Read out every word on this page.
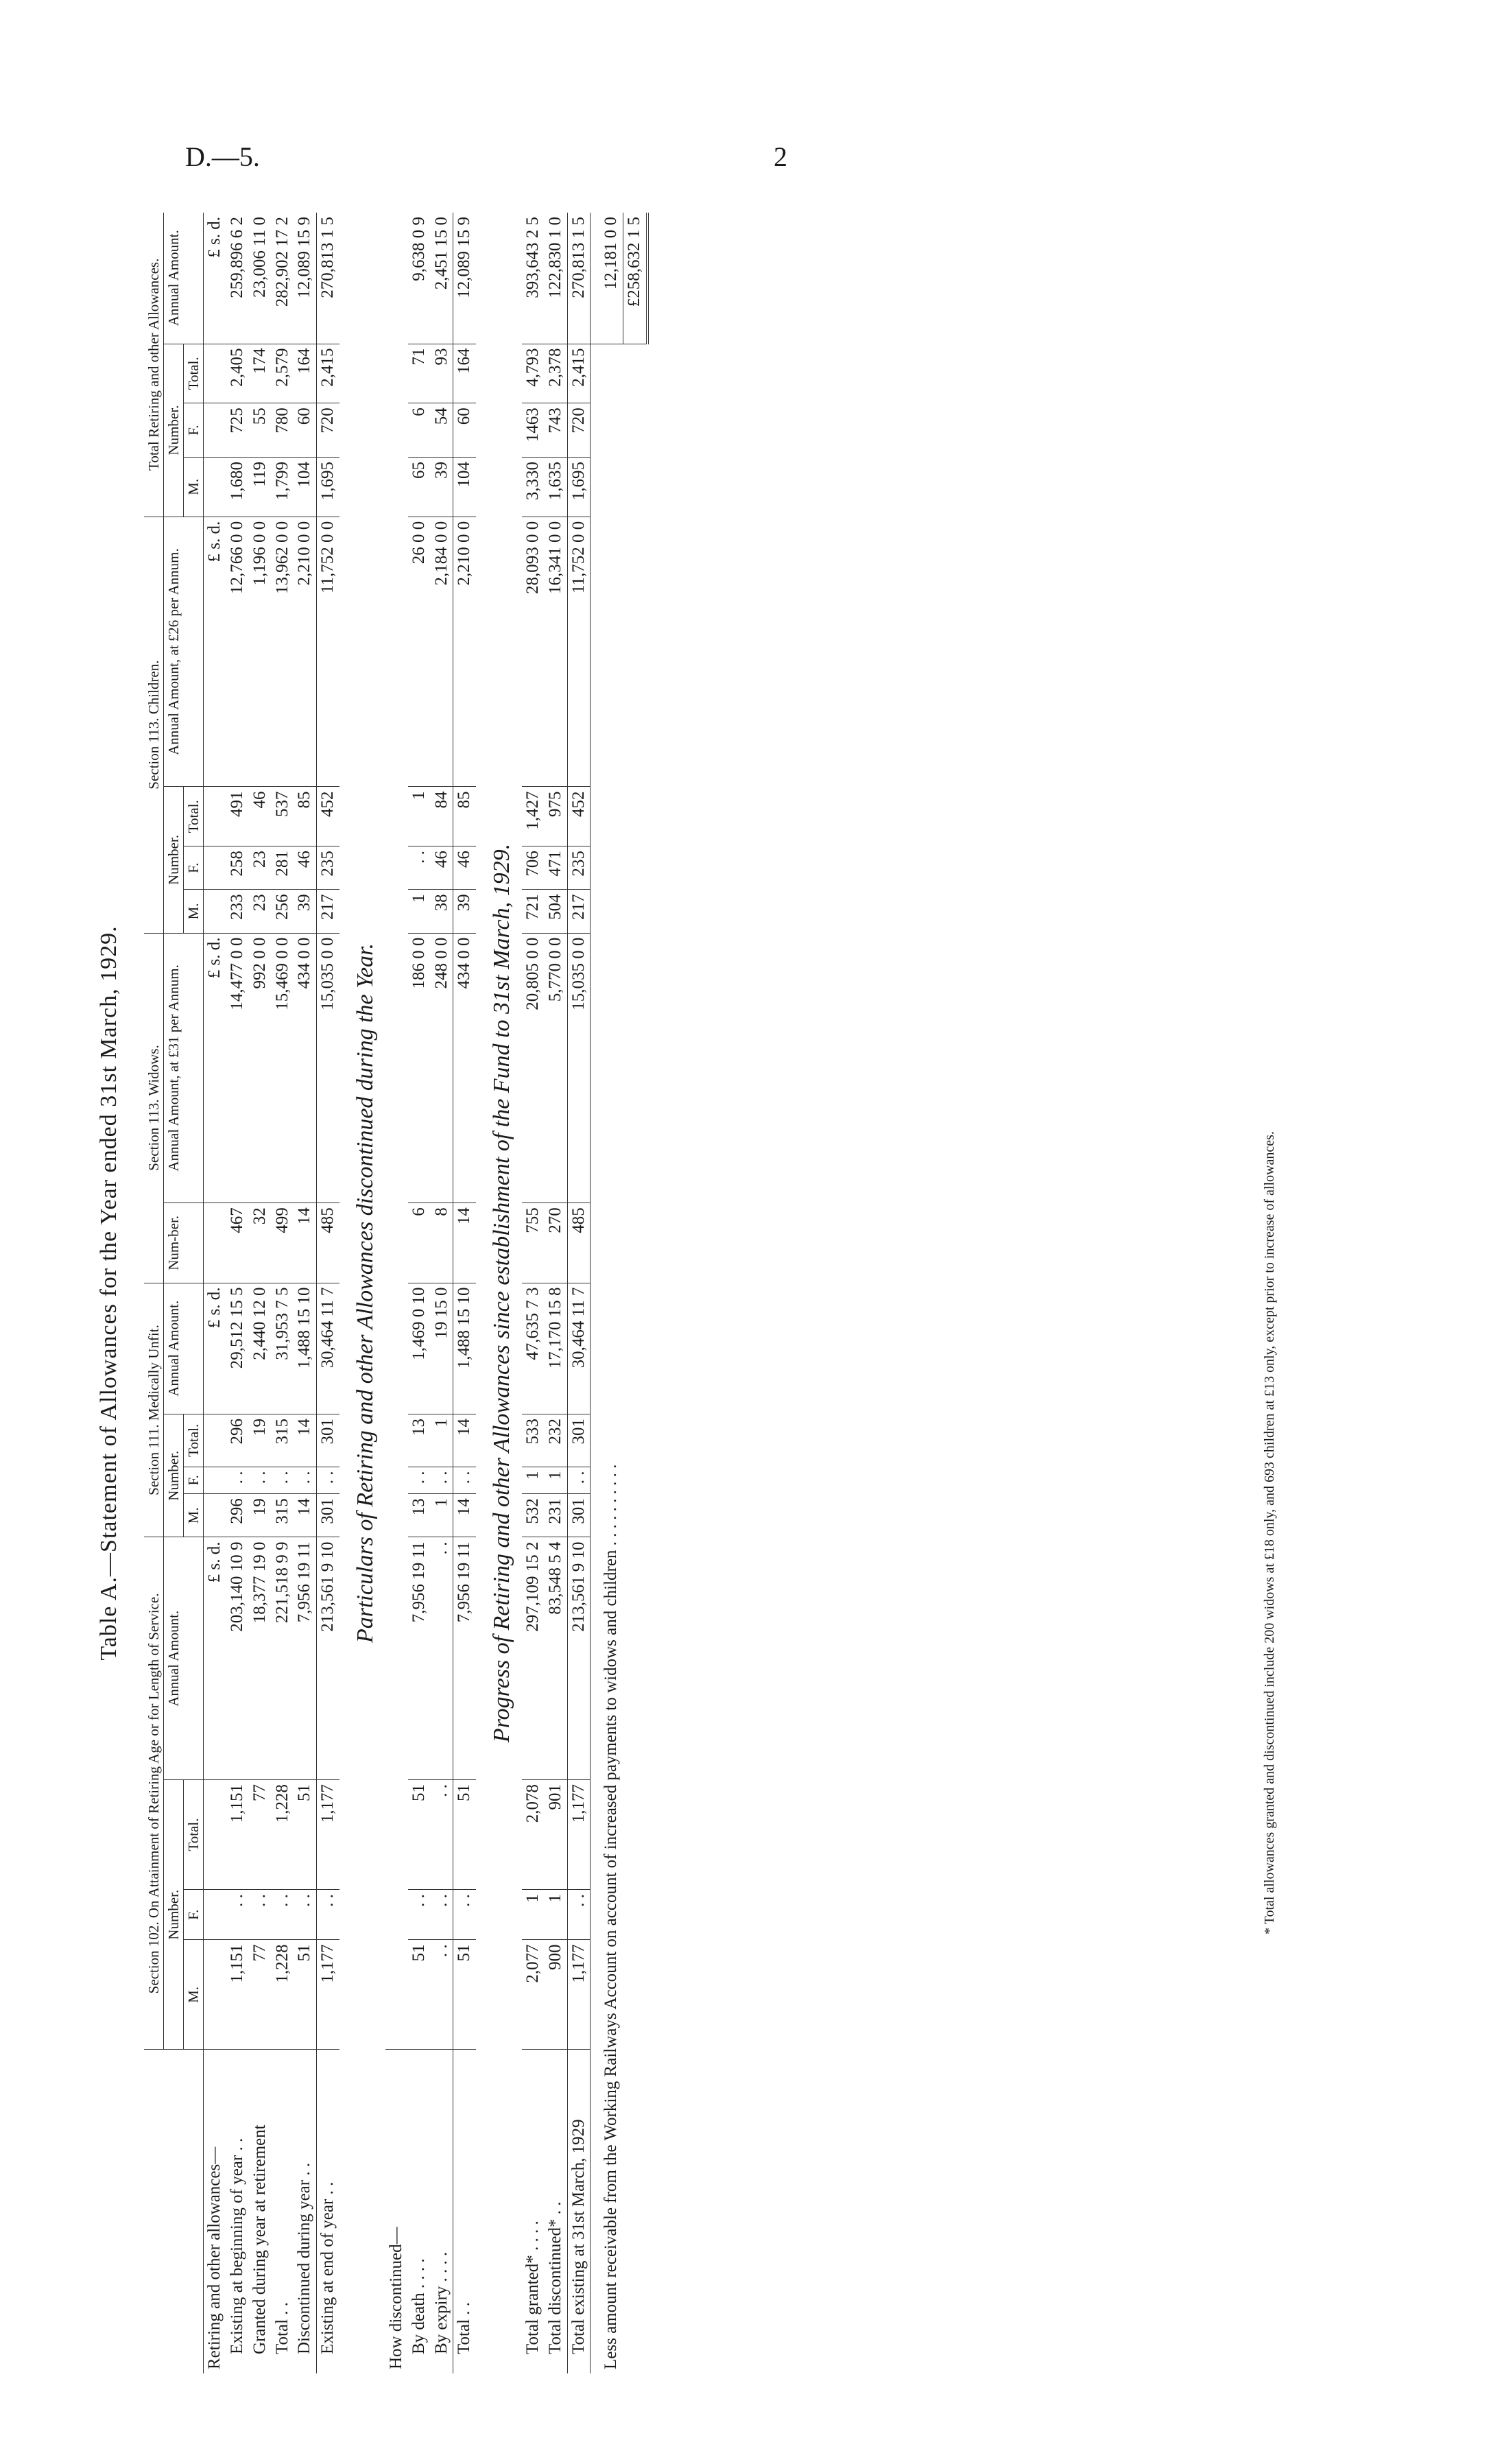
D.—5.	2
Table A.—Statement of Allowances for the Year ended 31st March, 1929.
	Section 102. On Attainment of Retiring Age or for Length of Service.				Section 111. Medically Unfit.				Section 113. Widows.		Section 113. Children.				Total Retiring and other Allowances.			
	Number.			Annual Amount.	Number.			Annual Amount.	Num-ber.	Annual Amount, at £31 per Annum.	Number.			Annual Amount, at £26 per Annum.	Number.			Annual Amount.
	M.	F.	Total.		M.	F.	Total.				M.	F.	Total.		M.	F.	Total.	
Retiring and other allowances—				£ s. d.				£ s. d.		£ s. d.				£ s. d.				£ s. d.
Existing at beginning of year . .	1,151	. .	1,151	203,140 10 9	296	. .	296	29,512 15 5	467	14,477 0 0	233	258	491	12,766 0 0	1,680	725	2,405	259,896 6 2
Granted during year at retirement	77	. .	77	18,377 19 0	19	. .	19	2,440 12 0	32	992 0 0	23	23	46	1,196 0 0	119	55	174	23,006 11 0
Total . .	1,228	. .	1,228	221,518 9 9	315	. .	315	31,953 7 5	499	15,469 0 0	256	281	537	13,962 0 0	1,799	780	2,579	282,902 17 2
Discontinued during year . .	51	. .	51	7,956 19 11	14	. .	14	1,488 15 10	14	434 0 0	39	46	85	2,210 0 0	104	60	164	12,089 15 9
Existing at end of year . .	1,177	. .	1,177	213,561 9 10	301	. .	301	30,464 11 7	485	15,035 0 0	217	235	452	11,752 0 0	1,695	720	2,415	270,813 1 5
Particulars of Retiring and other Allowances discontinued during the Year.																		
How discontinued—																		
By death . . . .	51	. .	51	7,956 19 11	13	. .	13	1,469 0 10	6	186 0 0	1	. .	1	26 0 0	65	6	71	9,638 0 9
By expiry . . . .	. .	. .	. .	. .	1	. .	1	19 15 0	8	248 0 0	38	46	84	2,184 0 0	39	54	93	2,451 15 0
Total . .	51	. .	51	7,956 19 11	14	. .	14	1,488 15 10	14	434 0 0	39	46	85	2,210 0 0	104	60	164	12,089 15 9
Progress of Retiring and other Allowances since establishment of the Fund to 31st March, 1929.																		
Total granted* . . . .	2,077	1	2,078	297,109 15 2	532	1	533	47,635 7 3	755	20,805 0 0	721	706	1,427	28,093 0 0	3,330	1463	4,793	393,643 2 5
Total discontinued* . .	900	1	901	83,548 5 4	231	1	232	17,170 15 8	270	5,770 0 0	504	471	975	16,341 0 0	1,635	743	2,378	122,830 1 0
Total existing at 31st March, 1929	1,177	. .	1,177	213,561 9 10	301	. .	301	30,464 11 7	485	15,035 0 0	217	235	452	11,752 0 0	1,695	720	2,415	270,813 1 5
Less amount receivable from the Working Railways Account on account of increased payments to widows and children . . . . . . . . . .																		12,181 0 0
																		£258,632 1 5
* Total allowances granted and discontinued include 200 widows at £18 only, and 693 children at £13 only, except prior to increase of allowances.
